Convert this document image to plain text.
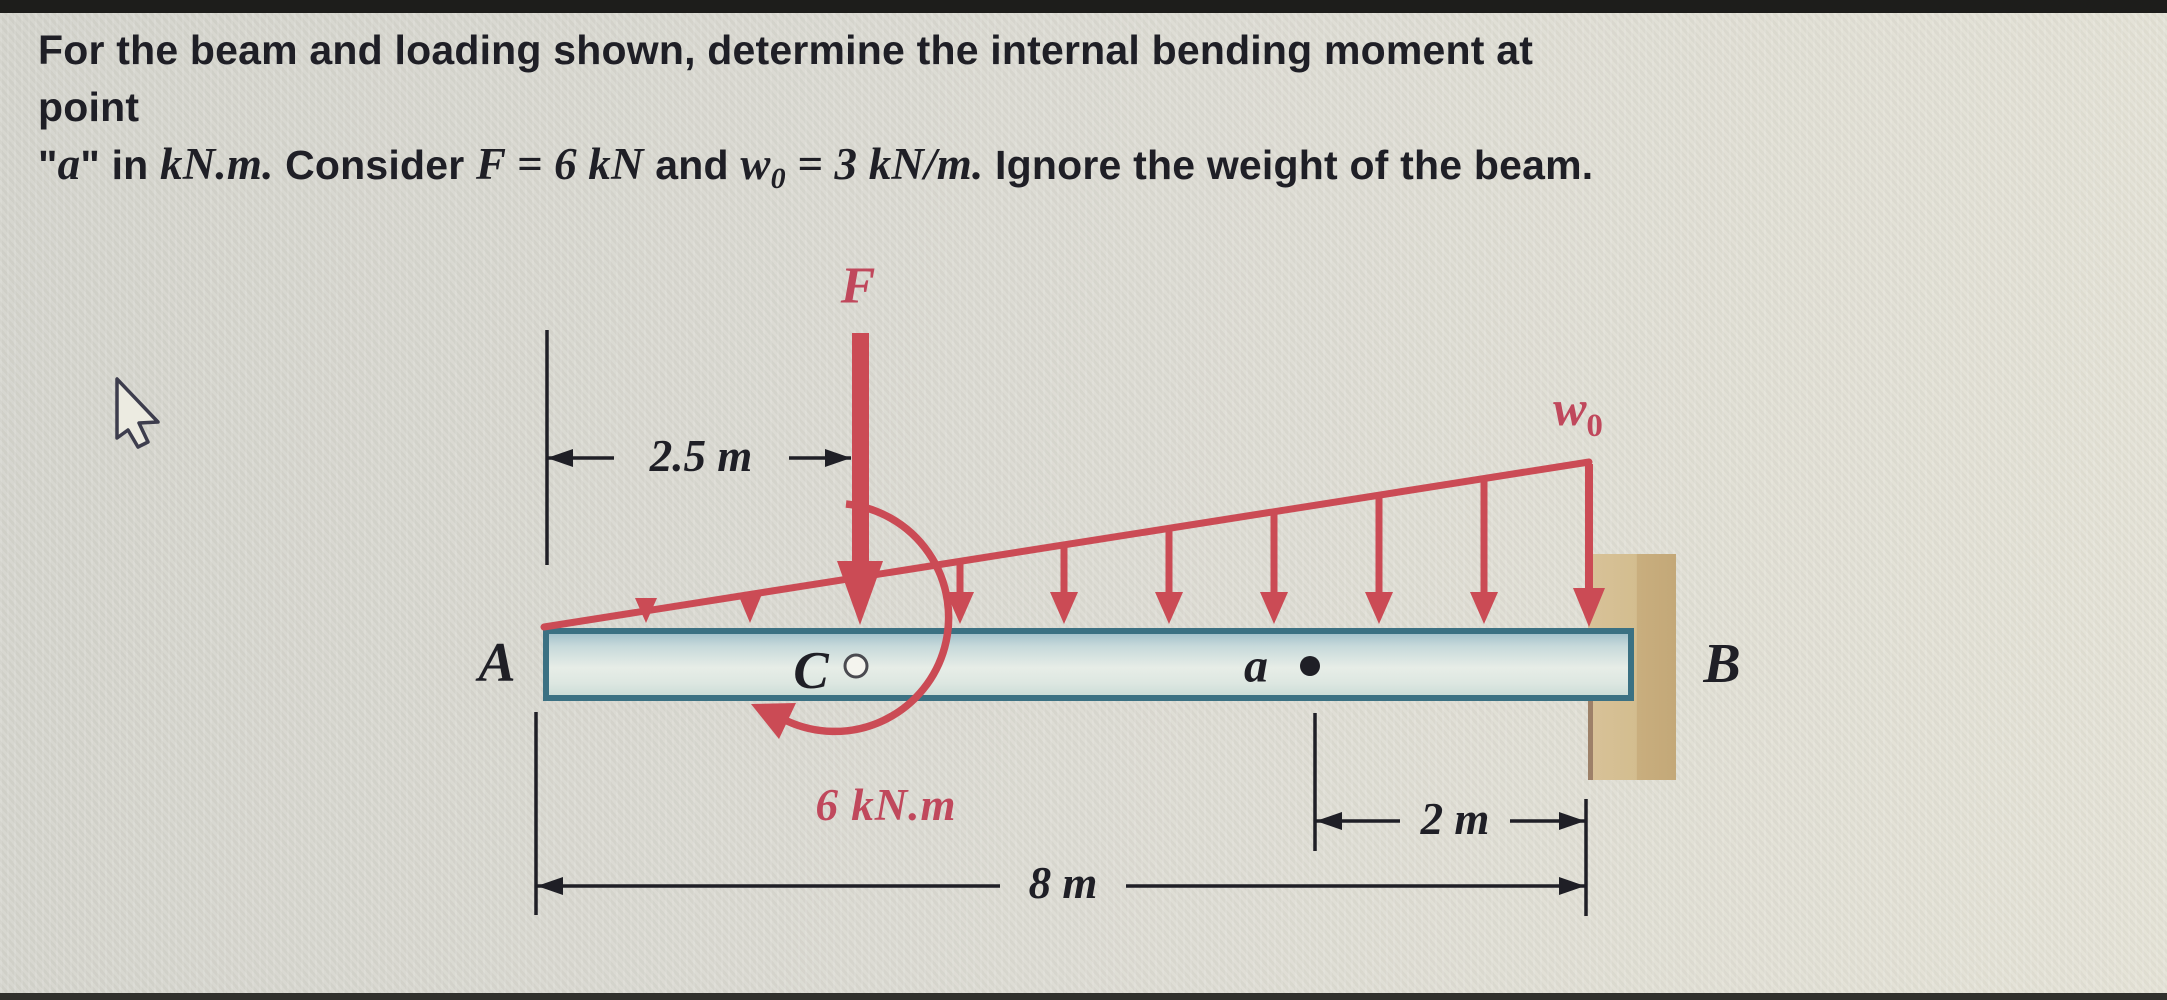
For the beam and loading shown, determine the internal bending moment at point
"a" in kN.m. Consider F = 6 kN and $w_0 = 3$ kN/m. Ignore the weight of the beam.
F
$w_0$
6 kN.m
A	B
C	a
2.5 m
2 m
8 m
